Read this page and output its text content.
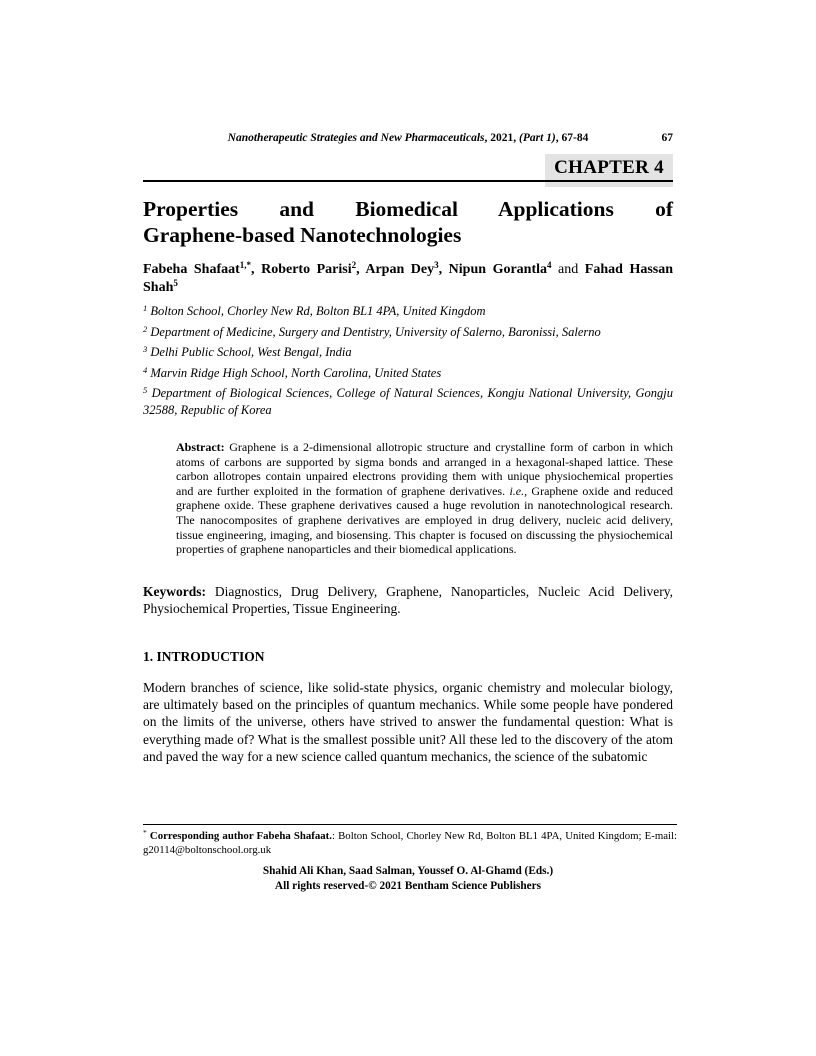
Nanotherapeutic Strategies and New Pharmaceuticals, 2021, (Part 1), 67-84	67
CHAPTER 4
Properties and Biomedical Applications of
Graphene-based Nanotechnologies

Fabeha Shafaat$^{1,*}$, Roberto Parisi$^2$, Arpan Dey$^3$, Nipun Gorantla$^4$ and Fahad Hassan Shah$^5$

$^1$ Bolton School, Chorley New Rd, Bolton BL1 4PA, United Kingdom

$^2$ Department of Medicine, Surgery and Dentistry, University of Salerno, Baronissi, Salerno

$^3$ Delhi Public School, West Bengal, India

$^4$ Marvin Ridge High School, North Carolina, United States

$^5$ Department of Biological Sciences, College of Natural Sciences, Kongju National University, Gongju 32588, Republic of Korea

Abstract: Graphene is a 2-dimensional allotropic structure and crystalline form of carbon in which atoms of carbons are supported by sigma bonds and arranged in a hexagonal-shaped lattice. These carbon allotropes contain unpaired electrons providing them with unique physiochemical properties and are further exploited in the formation of graphene derivatives. i.e., Graphene oxide and reduced graphene oxide. These graphene derivatives caused a huge revolution in nanotechnological research. The nanocomposites of graphene derivatives are employed in drug delivery, nucleic acid delivery, tissue engineering, imaging, and biosensing. This chapter is focused on discussing the physiochemical properties of graphene nanoparticles and their biomedical applications.

Keywords: Diagnostics, Drug Delivery, Graphene, Nanoparticles, Nucleic Acid Delivery, Physiochemical Properties, Tissue Engineering.

1. INTRODUCTION

Modern branches of science, like solid-state physics, organic chemistry and molecular biology, are ultimately based on the principles of quantum mechanics. While some people have pondered on the limits of the universe, others have strived to answer the fundamental question: What is everything made of? What is the smallest possible unit? All these led to the discovery of the atom and paved the way for a new science called quantum mechanics, the science of the subatomic

* Corresponding author Fabeha Shafaat.: Bolton School, Chorley New Rd, Bolton BL1 4PA, United Kingdom; E-mail: g20114@boltonschool.org.uk
Shahid Ali Khan, Saad Salman, Youssef O. Al-Ghamd (Eds.)
All rights reserved-© 2021 Bentham Science Publishers
